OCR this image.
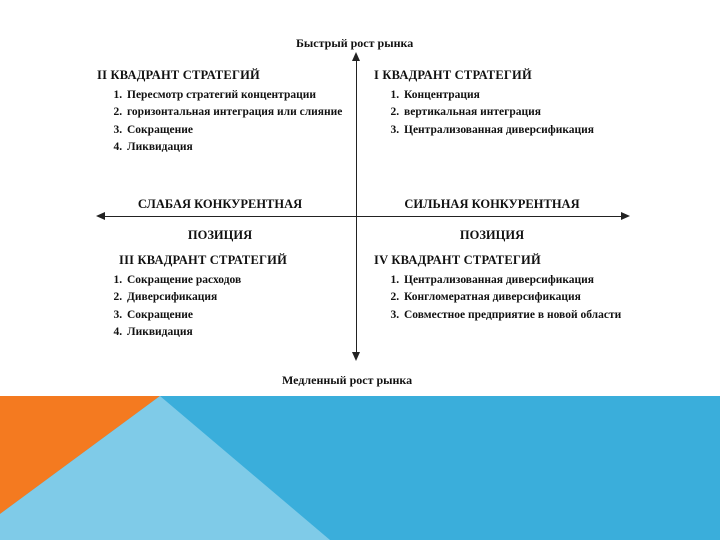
Быстрый рост рынка
Медленный рост рынка
СЛАБАЯ КОНКУРЕНТНАЯ
ПОЗИЦИЯ
СИЛЬНАЯ КОНКУРЕНТНАЯ
ПОЗИЦИЯ
II КВАДРАНТ СТРАТЕГИЙ
1. Пересмотр стратегий концентрации
2. горизонтальная интеграция или слияние
3. Сокращение
4. Ликвидация
I КВАДРАНТ СТРАТЕГИЙ
1. Концентрация
2. вертикальная интеграция
3. Централизованная диверсификация
III КВАДРАНТ СТРАТЕГИЙ
1. Сокращение расходов
2. Диверсификация
3. Сокращение
4. Ликвидация
IV КВАДРАНТ СТРАТЕГИЙ
1. Централизованная диверсификация
2. Конгломератная диверсификация
3. Совместное предприятие в новой области
